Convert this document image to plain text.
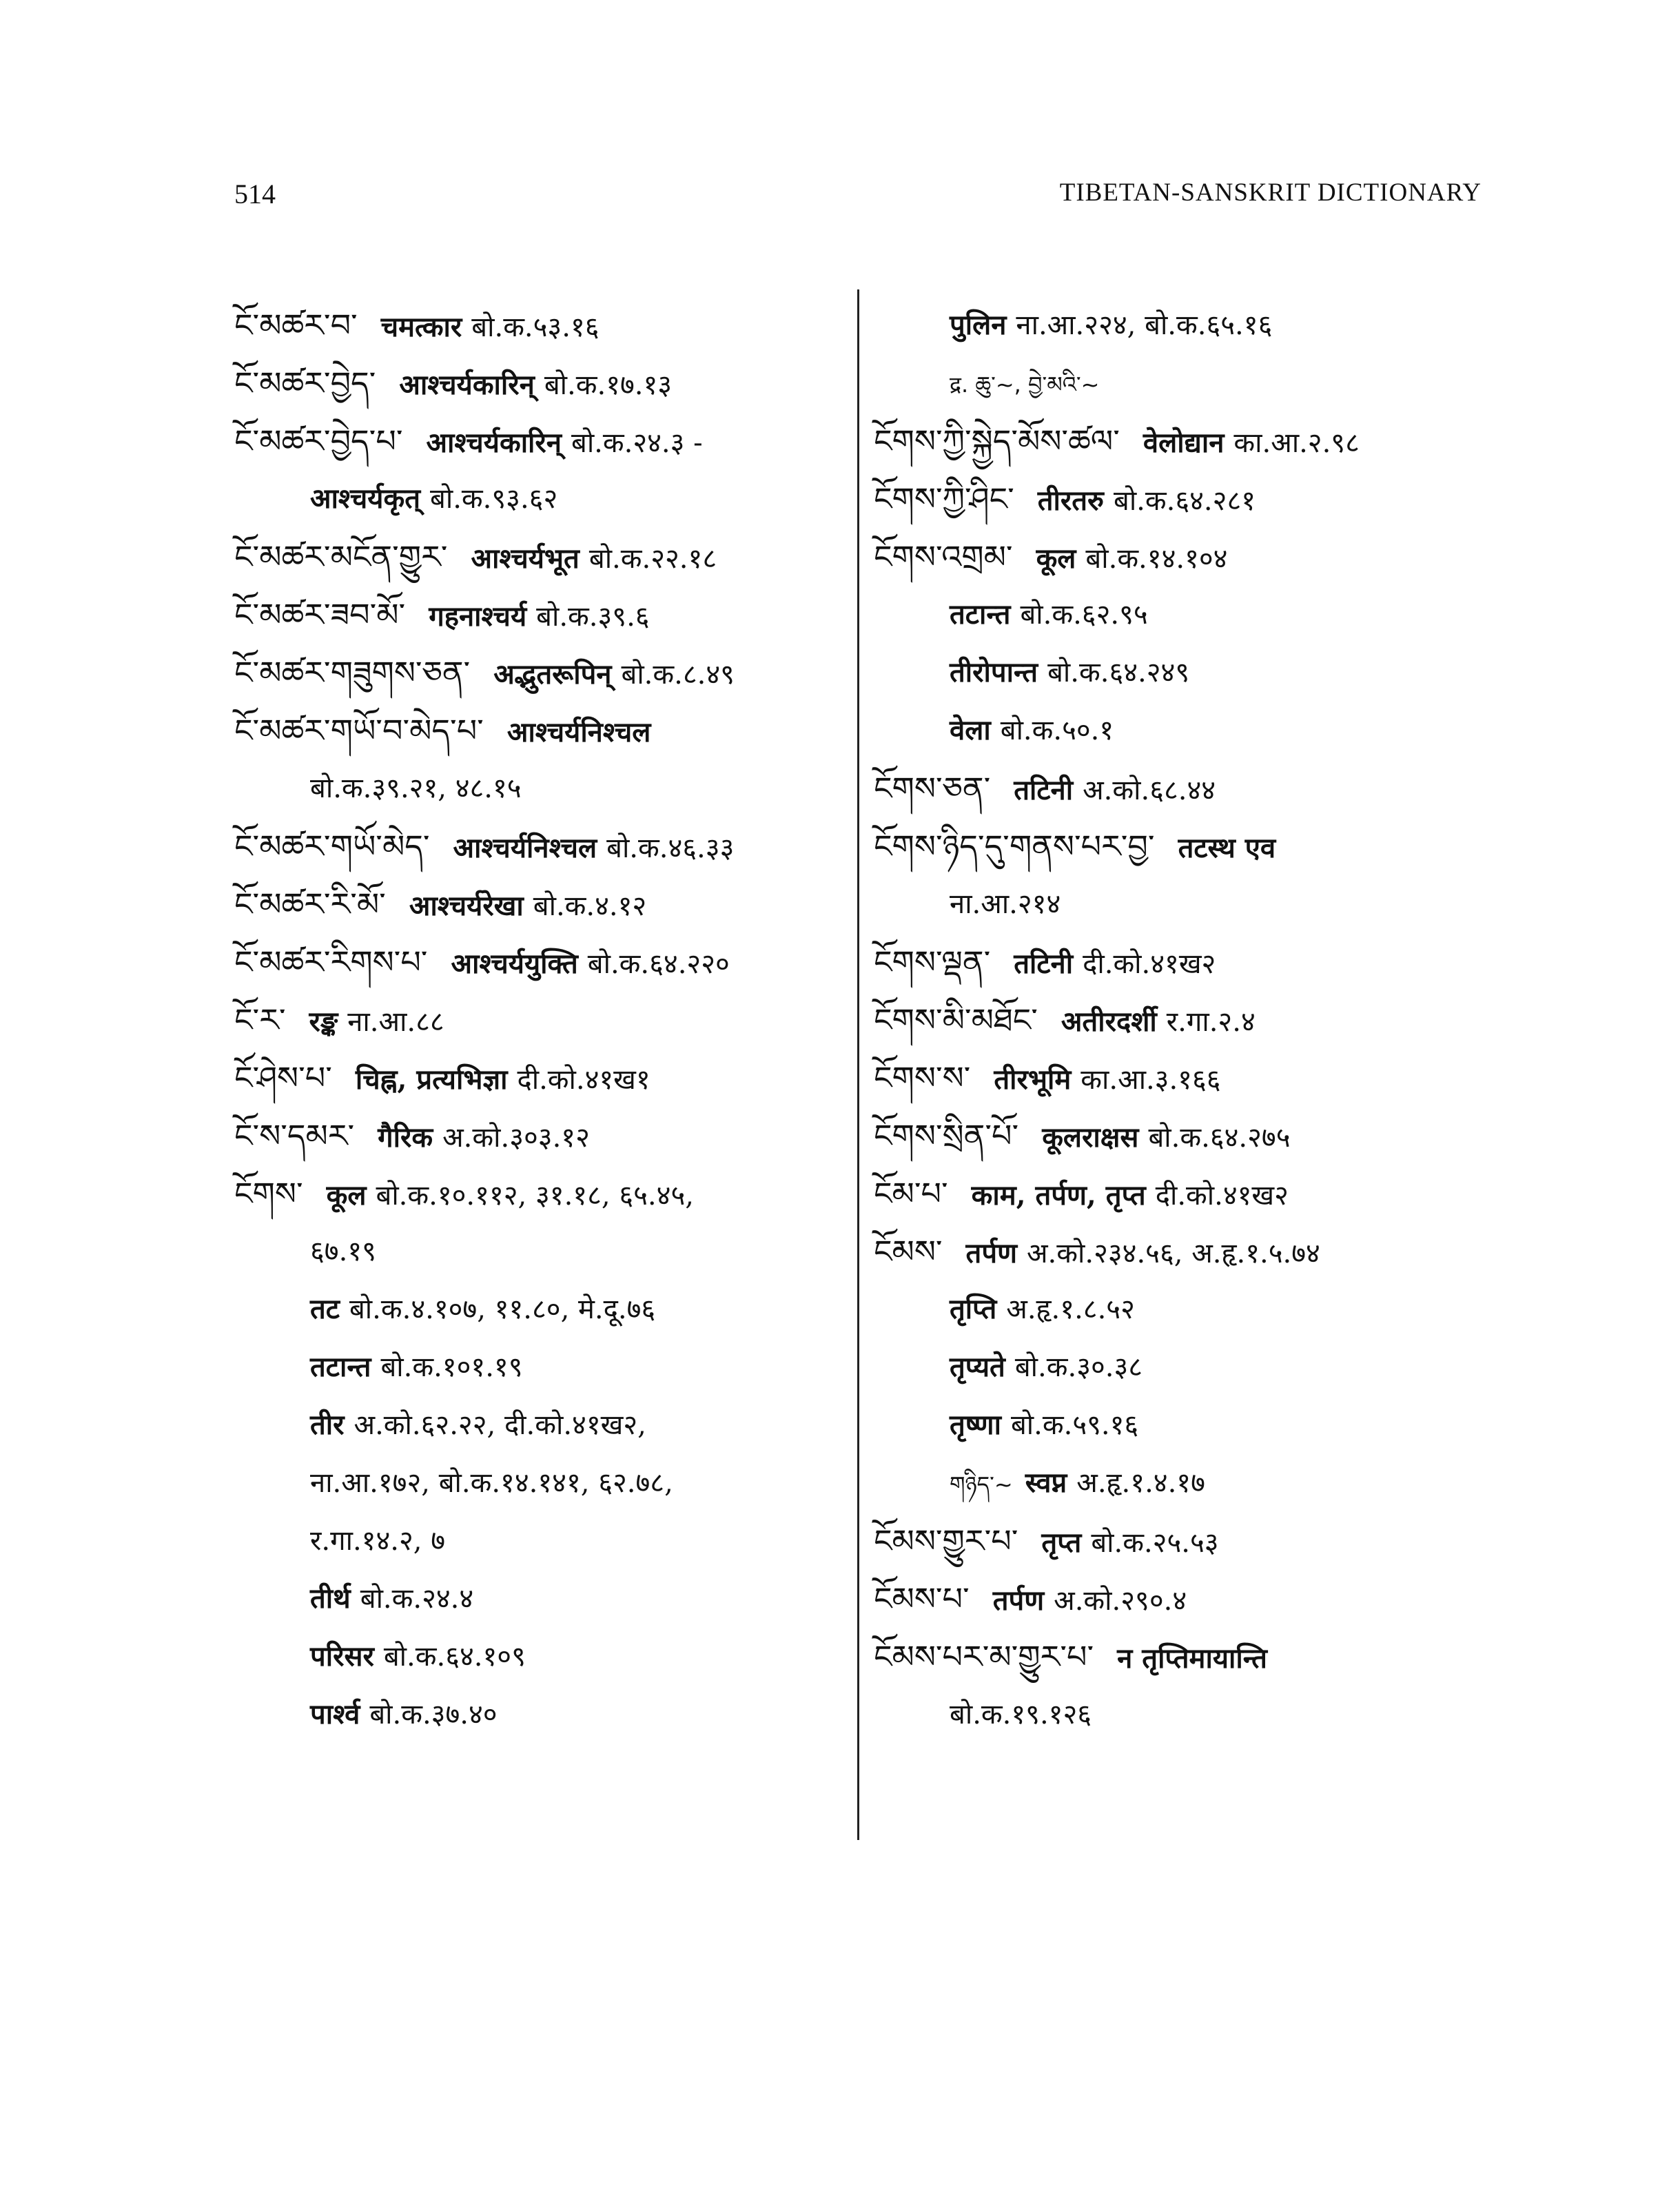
514	TIBETAN-SANSKRIT DICTIONARY
ངོ་མཚར་བ་ चमत्कार बो.क.५३.१६
ངོ་མཚར་བྱེད་ आश्चर्यकारिन् बो.क.१७.१३
ངོ་མཚར་བྱེད་པ་ आश्चर्यकारिन् बो.क.२४.३ -
आश्चर्यकृत् बो.क.९३.६२
ངོ་མཚར་མངོན་གྱུར་ आश्चर्यभूत बो.क.२२.१८
ངོ་མཚར་ཟབ་མོ་ गहनाश्चर्य बो.क.३९.६
ངོ་མཚར་གཟུགས་ཅན་ अद्भुतरूपिन् बो.क.८.४९
ངོ་མཚར་གཡོ་བ་མེད་པ་ आश्चर्यनिश्चल
बो.क.३९.२१, ४८.१५
ངོ་མཚར་གཡོ་མེད་ आश्चर्यनिश्चल बो.क.४६.३३
ངོ་མཚར་རི་མོ་ आश्चर्यरेखा बो.क.४.१२
ངོ་མཚར་རིགས་པ་ आश्चर्ययुक्ति बो.क.६४.२२०
ངོ་ར་ रङ्क ना.आ.८८
ངོ་ཤེས་པ་ चिह्न, प्रत्यभिज्ञा दी.को.४१ख१
ངོ་ས་དམར་ गैरिक अ.को.३०३.१२
ངོགས་ कूल बो.क.१०.११२, ३१.१८, ६५.४५,
६७.१९
तट बो.क.४.१०७, ११.८०, मे.दू.७६
तटान्त बो.क.१०१.१९
तीर अ.को.६२.२२, दी.को.४१ख२,
ना.आ.१७२, बो.क.१४.१४१, ६२.७८,
र.गा.१४.२, ७
तीर्थ बो.क.२४.४
परिसर बो.क.६४.१०९
पार्श्व बो.क.३७.४०
पुलिन ना.आ.२२४, बो.क.६५.१६
द्र. ཆུ་~, བྱེ་མའི་~
ངོགས་ཀྱི་སྐྱེད་མོས་ཚལ་ वेलोद्यान का.आ.२.९८
ངོགས་ཀྱི་ཤིང་ तीरतरु बो.क.६४.२८१
ངོགས་འགྲམ་ कूल बो.क.१४.१०४
तटान्त बो.क.६२.९५
तीरोपान्त बो.क.६४.२४९
वेला बो.क.५०.१
ངོགས་ཅན་ तटिनी अ.को.६८.४४
ངོགས་ཉིད་དུ་གནས་པར་བྱ་ तटस्थ एव
ना.आ.२१४
ངོགས་ལྡན་ तटिनी दी.को.४१ख२
ངོགས་མི་མཐོང་ अतीरदर्शी र.गा.२.४
ངོགས་ས་ तीरभूमि का.आ.३.१६६
ངོགས་སྲིན་པོ་ कूलराक्षस बो.क.६४.२७५
ངོམ་པ་ काम, तर्पण, तृप्त दी.को.४१ख२
ངོམས་ तर्पण अ.को.२३४.५६, अ.हृ.१.५.७४
तृप्ति अ.हृ.१.८.५२
तृप्यते बो.क.३०.३८
तृष्णा बो.क.५९.१६
གཉིད་~ स्वप्न अ.हृ.१.४.१७
ངོམས་གྱུར་པ་ तृप्त बो.क.२५.५३
ངོམས་པ་ तर्पण अ.को.२९०.४
ངོམས་པར་མ་གྱུར་པ་ न तृप्तिमायान्ति
बो.क.१९.१२६
